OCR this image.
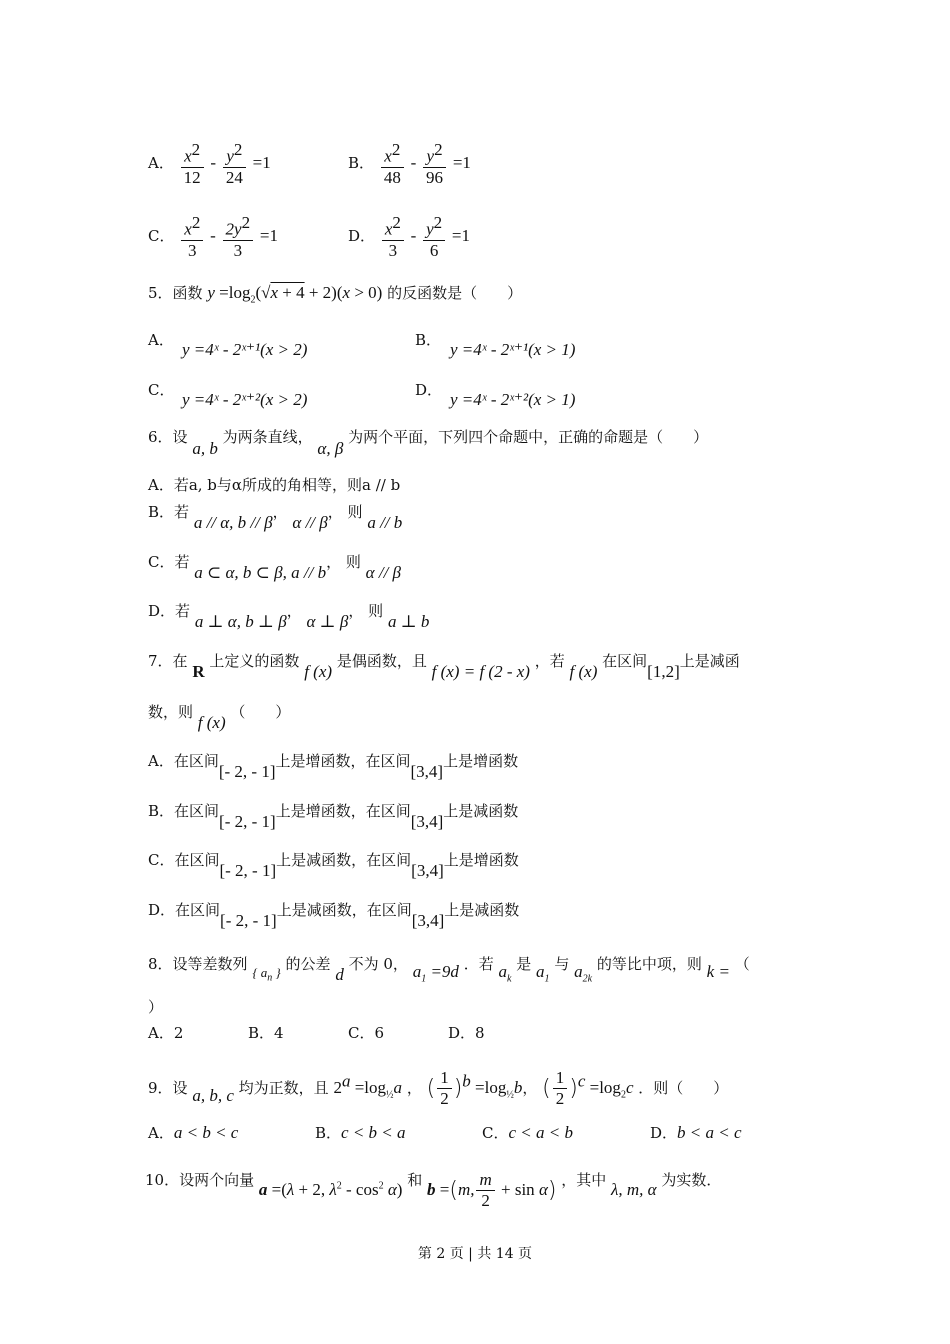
A． $\frac{x^2}{12} - \frac{y^2}{24} =1$	B． $\frac{x^2}{48} - \frac{y^2}{96} =1$
C． $\frac{x^2}{3} - \frac{2y^2}{3} =1$	D． $\frac{x^2}{3} - \frac{y^2}{6} =1$
5．函数 $y =\log_2(√x + 4 + 2)(x > 0)$ 的反函数是（　　）
A． y =4ˣ - 2ˣ⁺¹(x > 2)	B． y =4ˣ - 2ˣ⁺¹(x > 1)
C． y =4ˣ - 2ˣ⁺²(x > 2)	D． y =4ˣ - 2ˣ⁺²(x > 1)
6．设 a, b 为两条直线， α, β 为两个平面，下列四个命题中，正确的命题是（　　）
A．若a, b与α所成的角相等，则a // b
B．若 a // α, b // β， α // β， 则 a // b
C．若 a ⊂ α, b ⊂ β, a // b， 则 α // β
D．若 a ⊥ α, b ⊥ β， α ⊥ β， 则 a ⊥ b
7．在 R 上定义的函数 f (x) 是偶函数，且 f (x) = f (2 - x) ，若 f (x) 在区间[1,2]上是减函
数，则 f (x) （　　）
A．在区间[- 2, - 1]上是增函数，在区间[3,4]上是增函数
B．在区间[- 2, - 1]上是增函数，在区间[3,4]上是减函数
C．在区间[- 2, - 1]上是减函数，在区间[3,4]上是增函数
D．在区间[- 2, - 1]上是减函数，在区间[3,4]上是减函数
8．设等差数列 { $a_n$ } 的公差 d 不为 0， $a_1 =9d$ ．若 $a_k$ 是 $a_1$ 与 $a_{2k}$ 的等比中项，则 k = （
）
A．2	B．4	C．6	D．8
9．设 a, b, c 均为正数，且 $2^a =\log_{\frac{1}{2}}a$ ， ( $\frac{1}{2} )^b =\log_{\frac{1}{2}}b$， ( $\frac{1}{2} )^c =\log_2c$ ．则（　　）
A．a < b < c	B．c < b < a	C．c < a < b	D．b < a < c
10．设两个向量 a =(λ + 2, $\lambda^2 - \cos^2 \alpha$) 和 b =(m, $\frac{m}{2} + \sin \alpha$) ，其中 λ, m, α 为实数．
第 2 页 | 共 14 页
